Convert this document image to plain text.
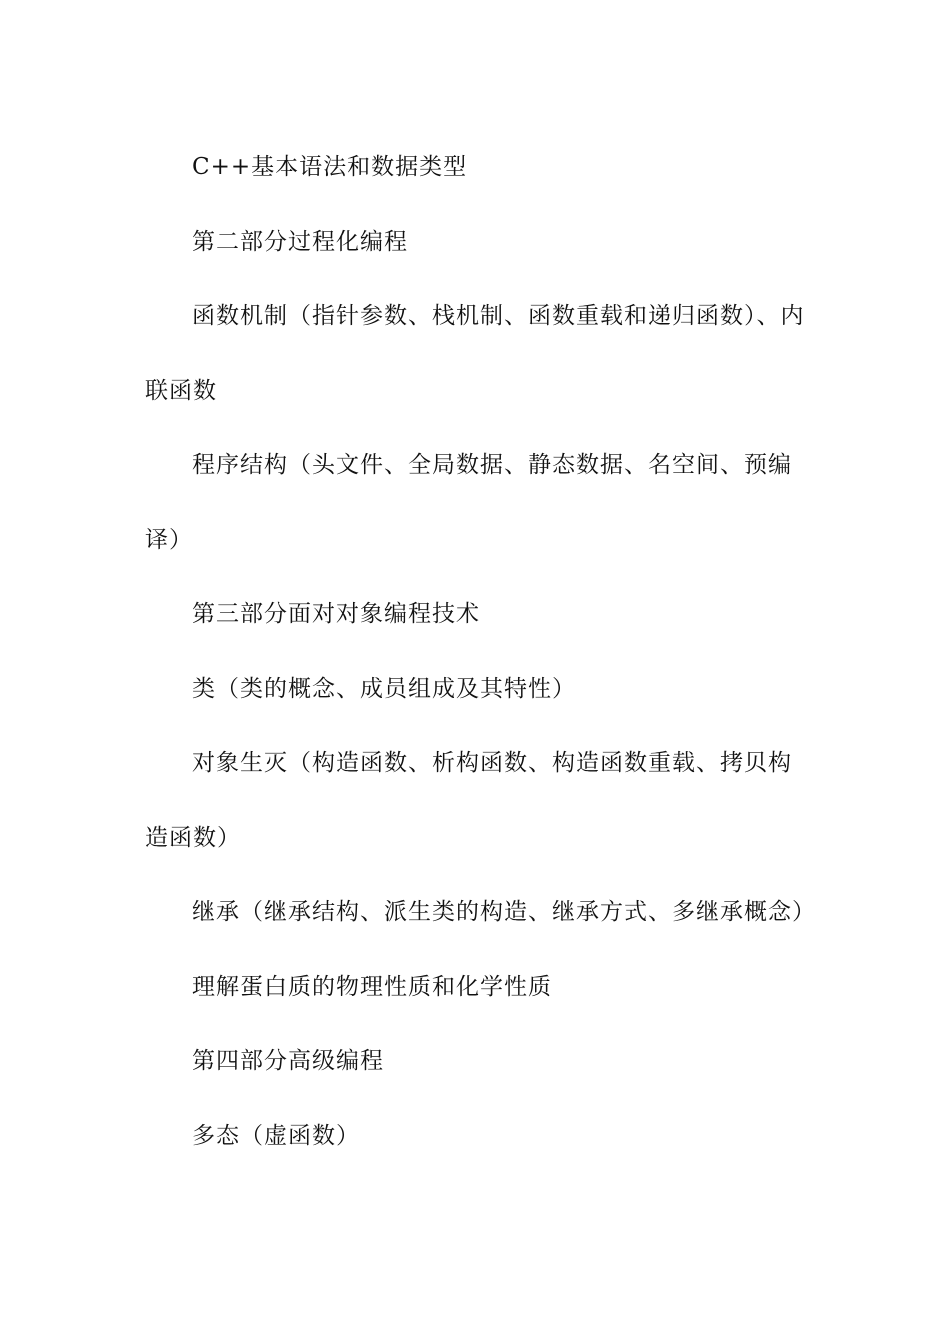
C++基本语法和数据类型

第二部分过程化编程

函数机制（指针参数、栈机制、函数重载和递归函数）、内联函数

程序结构（头文件、全局数据、静态数据、名空间、预编译）

第三部分面对对象编程技术

类（类的概念、成员组成及其特性）

对象生灭（构造函数、析构函数、构造函数重载、拷贝构造函数）

继承（继承结构、派生类的构造、继承方式、多继承概念）

理解蛋白质的物理性质和化学性质

第四部分高级编程

多态（虚函数）
